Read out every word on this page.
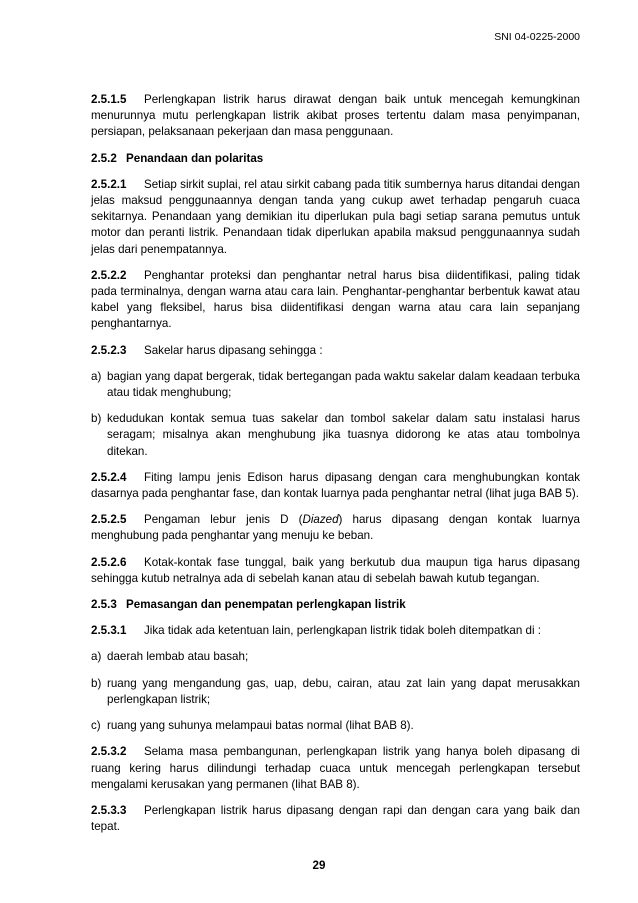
SNI 04-0225-2000

2.5.1.5 Perlengkapan listrik harus dirawat dengan baik untuk mencegah kemungkinan menurunnya mutu perlengkapan listrik akibat proses tertentu dalam masa penyimpanan, persiapan, pelaksanaan pekerjaan dan masa penggunaan.

2.5.2 Penandaan dan polaritas

2.5.2.1 Setiap sirkit suplai, rel atau sirkit cabang pada titik sumbernya harus ditandai dengan jelas maksud penggunaannya dengan tanda yang cukup awet terhadap pengaruh cuaca sekitarnya. Penandaan yang demikian itu diperlukan pula bagi setiap sarana pemutus untuk motor dan peranti listrik. Penandaan tidak diperlukan apabila maksud penggunaannya sudah jelas dari penempatannya.

2.5.2.2 Penghantar proteksi dan penghantar netral harus bisa diidentifikasi, paling tidak pada terminalnya, dengan warna atau cara lain. Penghantar-penghantar berbentuk kawat atau kabel yang fleksibel, harus bisa diidentifikasi dengan warna atau cara lain sepanjang penghantarnya.

2.5.2.3 Sakelar harus dipasang sehingga :

a) bagian yang dapat bergerak, tidak bertegangan pada waktu sakelar dalam keadaan terbuka atau tidak menghubung;
b) kedudukan kontak semua tuas sakelar dan tombol sakelar dalam satu instalasi harus seragam; misalnya akan menghubung jika tuasnya didorong ke atas atau tombolnya ditekan.

2.5.2.4 Fiting lampu jenis Edison harus dipasang dengan cara menghubungkan kontak dasarnya pada penghantar fase, dan kontak luarnya pada penghantar netral (lihat juga BAB 5).

2.5.2.5 Pengaman lebur jenis D (Diazed) harus dipasang dengan kontak luarnya menghubung pada penghantar yang menuju ke beban.

2.5.2.6 Kotak-kontak fase tunggal, baik yang berkutub dua maupun tiga harus dipasang sehingga kutub netralnya ada di sebelah kanan atau di sebelah bawah kutub tegangan.

2.5.3 Pemasangan dan penempatan perlengkapan listrik

2.5.3.1 Jika tidak ada ketentuan lain, perlengkapan listrik tidak boleh ditempatkan di :

a) daerah lembab atau basah;
b) ruang yang mengandung gas, uap, debu, cairan, atau zat lain yang dapat merusakkan perlengkapan listrik;
c) ruang yang suhunya melampaui batas normal (lihat BAB 8).

2.5.3.2 Selama masa pembangunan, perlengkapan listrik yang hanya boleh dipasang di ruang kering harus dilindungi terhadap cuaca untuk mencegah perlengkapan tersebut mengalami kerusakan yang permanen (lihat BAB 8).

2.5.3.3 Perlengkapan listrik harus dipasang dengan rapi dan dengan cara yang baik dan tepat.

29
